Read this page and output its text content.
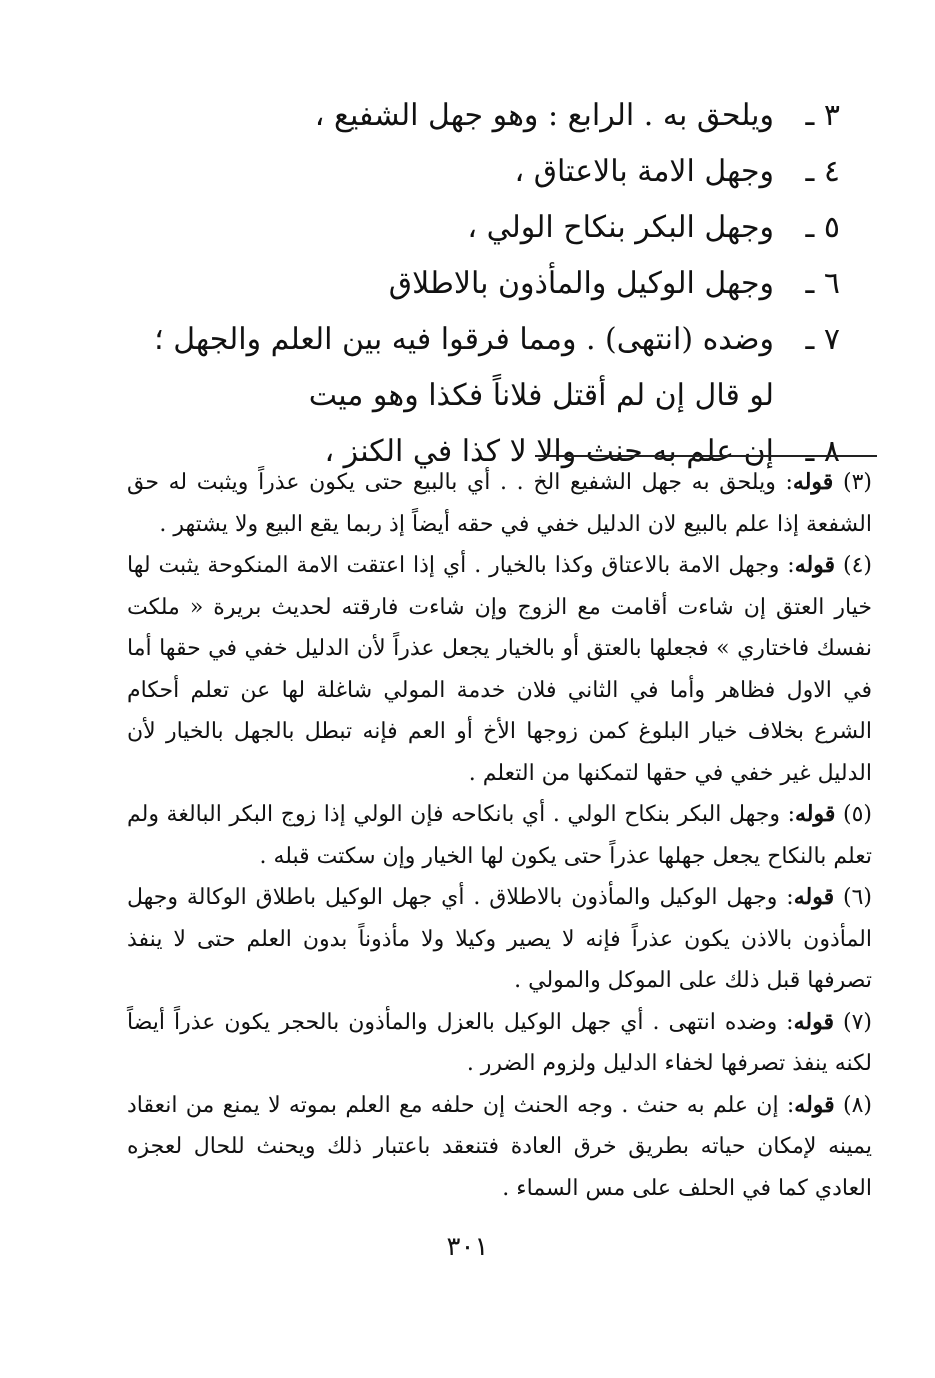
٣ ـ
ويلحق به . الرابع : وهو جهل الشفيع ،
٤ ـ
وجهل الامة بالاعتاق ،
٥ ـ
وجهل البكر بنكاح الولي ،
٦ ـ
وجهل الوكيل والمأذون بالاطلاق
٧ ـ
وضده (انتهى) . ومما فرقوا فيه بين العلم والجهل ؛ لو قال إن لم أقتل فلاناً فكذا وهو ميت
٨ ـ
إن علم به حنث والا لا كذا في الكنز ،
(٣) قوله: ويلحق به جهل الشفيع الخ . . أي بالبيع حتى يكون عذراً ويثبت له حق الشفعة إذا علم بالبيع لان الدليل خفي في حقه أيضاً إذ ربما يقع البيع ولا يشتهر .
(٤) قوله: وجهل الامة بالاعتاق وكذا بالخيار . أي إذا اعتقت الامة المنكوحة يثبت لها خيار العتق إن شاءت أقامت مع الزوج وإن شاءت فارقته لحديث بريرة « ملكت نفسك فاختاري » فجعلها بالعتق أو بالخيار يجعل عذراً لأن الدليل خفي في حقها أما في الاول فظاهر وأما في الثاني فلان خدمة المولي شاغلة لها عن تعلم أحكام الشرع بخلاف خيار البلوغ كمن زوجها الأخ أو العم فإنه تبطل بالجهل بالخيار لأن الدليل غير خفي في حقها لتمكنها من التعلم .
(٥) قوله: وجهل البكر بنكاح الولي . أي بانكاحه فإن الولي إذا زوج البكر البالغة ولم تعلم بالنكاح يجعل جهلها عذراً حتى يكون لها الخيار وإن سكتت قبله .
(٦) قوله: وجهل الوكيل والمأذون بالاطلاق . أي جهل الوكيل باطلاق الوكالة وجهل المأذون بالاذن يكون عذراً فإنه لا يصير وكيلا ولا مأذوناً بدون العلم حتى لا ينفذ تصرفها قبل ذلك على الموكل والمولي .
(٧) قوله: وضده انتهى . أي جهل الوكيل بالعزل والمأذون بالحجر يكون عذراً أيضاً لكنه ينفذ تصرفها لخفاء الدليل ولزوم الضرر .
(٨) قوله: إن علم به حنث . وجه الحنث إن حلفه مع العلم بموته لا يمنع من انعقاد يمينه لإمكان حياته بطريق خرق العادة فتنعقد باعتبار ذلك ويحنث للحال لعجزه العادي كما في الحلف على مس السماء .
٣٠١
